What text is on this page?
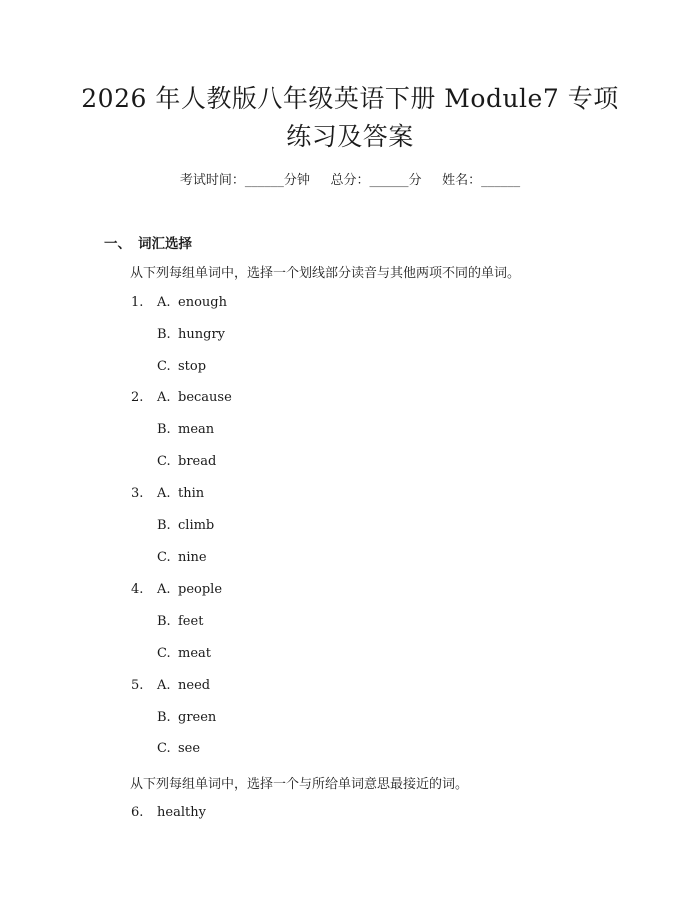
2026 年人教版八年级英语下册 Module7 专项
练习及答案
考试时间：______分钟     总分：______分     姓名：______
一、 词汇选择
从下列每组单词中，选择一个划线部分读音与其他两项不同的单词。
1. A. enough
B. hungry
C. stop
2. A. because
B. mean
C. bread
3. A. thin
B. climb
C. nine
4. A. people
B. feet
C. meat
5. A. need
B. green
C. see
从下列每组单词中，选择一个与所给单词意思最接近的词。
6. healthy
